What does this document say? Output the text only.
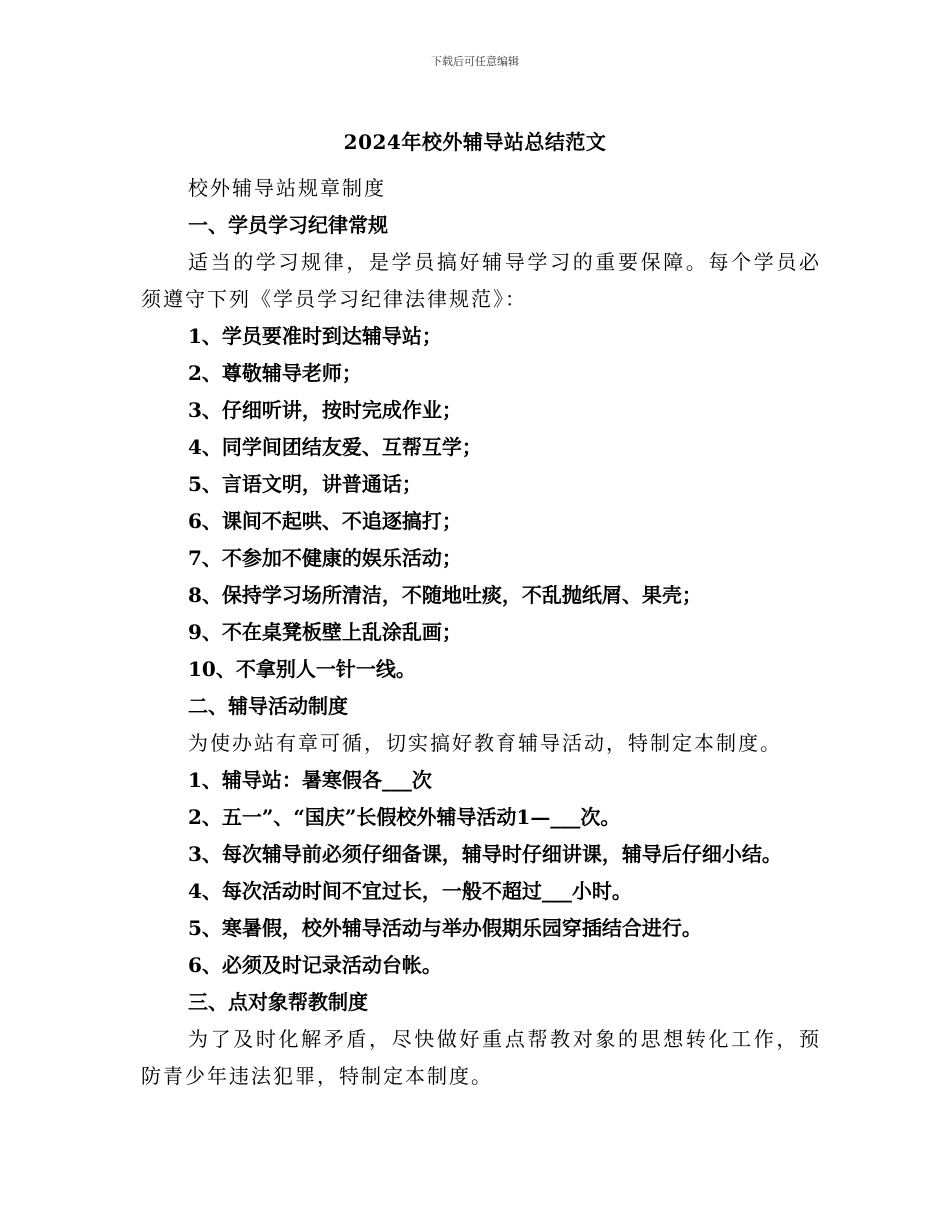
下载后可任意编辑
2024年校外辅导站总结范文
校外辅导站规章制度
一、学员学习纪律常规
适当的学习规律，是学员搞好辅导学习的重要保障。每个学员必须遵守下列《学员学习纪律法律规范》：
1、学员要准时到达辅导站；
2、尊敬辅导老师；
3、仔细听讲，按时完成作业；
4、同学间团结友爱、互帮互学；
5、言语文明，讲普通话；
6、课间不起哄、不追逐搞打；
7、不参加不健康的娱乐活动；
8、保持学习场所清洁，不随地吐痰，不乱抛纸屑、果壳；
9、不在桌凳板壁上乱涂乱画；
10、不拿别人一针一线。
二、辅导活动制度
为使办站有章可循，切实搞好教育辅导活动，特制定本制度。
1、辅导站：暑寒假各___次
2、五一”、“国庆”长假校外辅导活动1—___次。
3、每次辅导前必须仔细备课，辅导时仔细讲课，辅导后仔细小结。
4、每次活动时间不宜过长，一般不超过___小时。
5、寒暑假，校外辅导活动与举办假期乐园穿插结合进行。
6、必须及时记录活动台帐。
三、点对象帮教制度
为了及时化解矛盾，尽快做好重点帮教对象的思想转化工作，预防青少年违法犯罪，特制定本制度。
